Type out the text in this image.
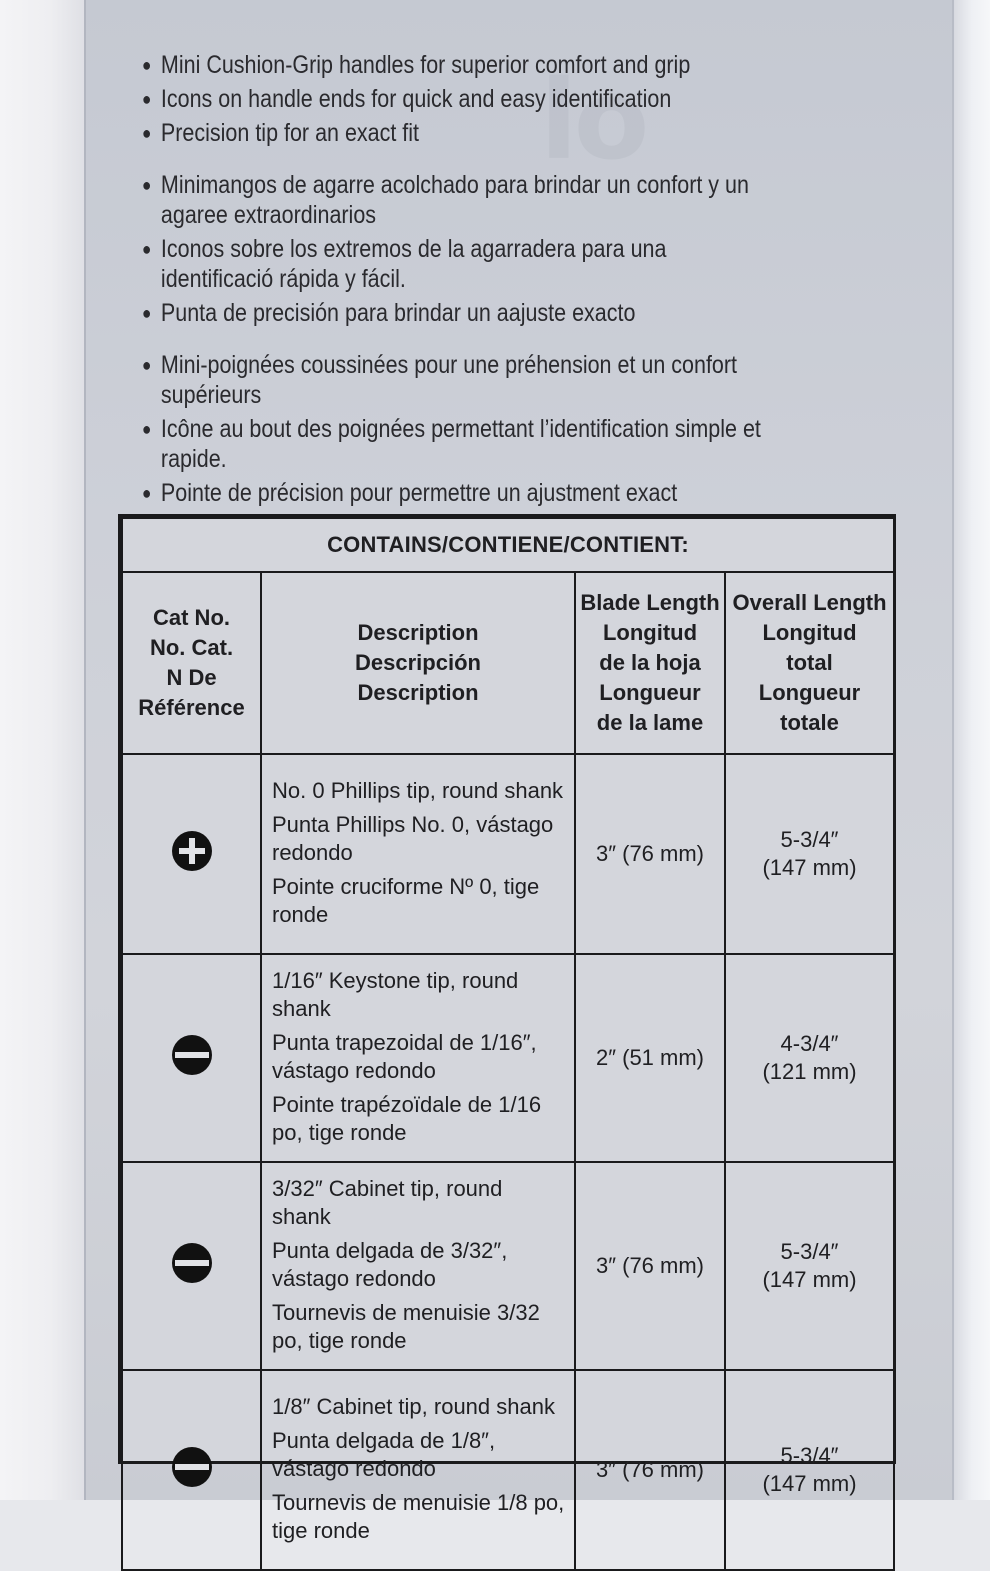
lo
● Mini Cushion-Grip handles for superior comfort and grip
● Icons on handle ends for quick and easy identification
● Precision tip for an exact fit
● Minimangos de agarre acolchado para brindar un confort y un agaree extraordinarios
● Iconos sobre los extremos de la agarradera para una identificació rápida y fácil.
● Punta de precisión para brindar un aajuste exacto
● Mini-poignées coussinées pour une préhension et un confort supérieurs
● Icône au bout des poignées permettant l’identification simple et rapide.
● Pointe de précision pour permettre un ajustment exact
CONTAINS/CONTIENE/CONTIENT:			

Cat No.
No. Cat.
N De
Référence	Description
Descripción
Description	Blade Length
Longitud
de la hoja
Longueur
de la lame	Overall Length
Longitud
total
Longueur
totale

No. 0 Phillips tip, round shank
Punta Phillips No. 0, vástago redondo
Pointe cruciforme Nº 0, tige ronde	3″ (76 mm)	5-3/4″
(147 mm)

1/16″ Keystone tip, round shank
Punta trapezoidal de 1/16″, vástago redondo
Pointe trapézoïdale de 1/16 po, tige ronde	2″ (51 mm)	4-3/4″
(121 mm)

3/32″ Cabinet tip, round shank
Punta delgada de 3/32″, vástago redondo
Tournevis de menuisie 3/32 po, tige ronde	3″ (76 mm)	5-3/4″
(147 mm)

1/8″ Cabinet tip, round shank
Punta delgada de 1/8″, vástago redondo
Tournevis de menuisie 1/8 po, tige ronde	3″ (76 mm)	5-3/4″
(147 mm)
